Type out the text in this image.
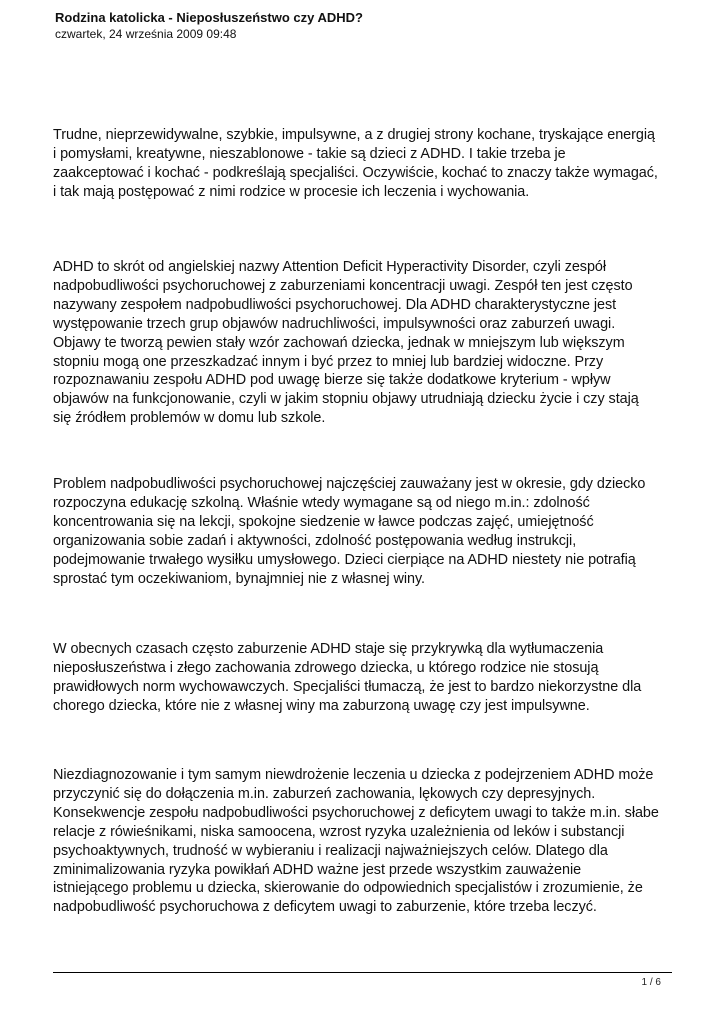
Rodzina katolicka - Nieposłuszeństwo czy ADHD?

czwartek, 24 września 2009 09:48

Trudne, nieprzewidywalne, szybkie, impulsywne, a z drugiej strony kochane, tryskające energią
i pomysłami, kreatywne, nieszablonowe - takie są dzieci z ADHD. I takie trzeba je
zaakceptować i kochać - podkreślają specjaliści. Oczywiście, kochać to znaczy także wymagać,
i tak mają postępować z nimi rodzice w procesie ich leczenia i wychowania.

ADHD to skrót od angielskiej nazwy Attention Deficit Hyperactivity Disorder, czyli zespół
nadpobudliwości psychoruchowej z zaburzeniami koncentracji uwagi. Zespół ten jest często
nazywany zespołem nadpobudliwości psychoruchowej. Dla ADHD charakterystyczne jest
występowanie trzech grup objawów nadruchliwości, impulsywności oraz zaburzeń uwagi.
Objawy te tworzą pewien stały wzór zachowań dziecka, jednak w mniejszym lub większym
stopniu mogą one przeszkadzać innym i być przez to mniej lub bardziej widoczne. Przy
rozpoznawaniu zespołu ADHD pod uwagę bierze się także dodatkowe kryterium - wpływ
objawów na funkcjonowanie, czyli w jakim stopniu objawy utrudniają dziecku życie i czy stają
się źródłem problemów w domu lub szkole.

Problem nadpobudliwości psychoruchowej najczęściej zauważany jest w okresie, gdy dziecko
rozpoczyna edukację szkolną. Właśnie wtedy wymagane są od niego m.in.: zdolność
koncentrowania się na lekcji, spokojne siedzenie w ławce podczas zajęć, umiejętność
organizowania sobie zadań i aktywności, zdolność postępowania według instrukcji,
podejmowanie trwałego wysiłku umysłowego. Dzieci cierpiące na ADHD niestety nie potrafią
sprostać tym oczekiwaniom, bynajmniej nie z własnej winy.

W obecnych czasach często zaburzenie ADHD staje się przykrywką dla wytłumaczenia
nieposłuszeństwa i złego zachowania zdrowego dziecka, u którego rodzice nie stosują
prawidłowych norm wychowawczych. Specjaliści tłumaczą, że jest to bardzo niekorzystne dla
chorego dziecka, które nie z własnej winy ma zaburzoną uwagę czy jest impulsywne.

Niezdiagnozowanie i tym samym niewdrożenie leczenia u dziecka z podejrzeniem ADHD może
przyczynić się do dołączenia m.in. zaburzeń zachowania, lękowych czy depresyjnych.
Konsekwencje zespołu nadpobudliwości psychoruchowej z deficytem uwagi to także m.in. słabe
relacje z rówieśnikami, niska samoocena, wzrost ryzyka uzależnienia od leków i substancji
psychoaktywnych, trudność w wybieraniu i realizacji najważniejszych celów. Dlatego dla
zminimalizowania ryzyka powikłań ADHD ważne jest przede wszystkim zauważenie
istniejącego problemu u dziecka, skierowanie do odpowiednich specjalistów i zrozumienie, że
nadpobudliwość psychoruchowa z deficytem uwagi to zaburzenie, które trzeba leczyć.

1 / 6
